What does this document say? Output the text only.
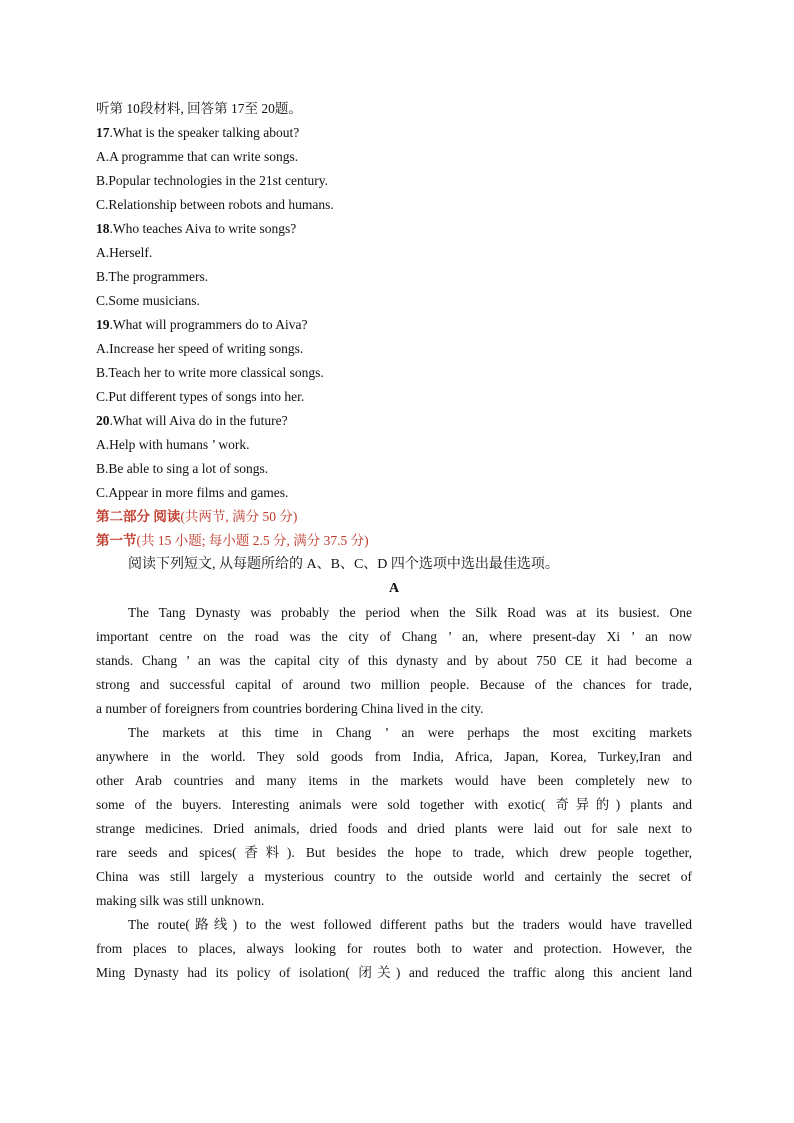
听第 10段材料, 回答第 17至 20题。
17.What is the speaker talking about?
A.A programme that can write songs.
B.Popular technologies in the 21st century.
C.Relationship between robots and humans.
18.Who teaches Aiva to write songs?
A.Herself.
B.The programmers.
C.Some musicians.
19.What will programmers do to Aiva?
A.Increase her speed of writing songs.
B.Teach her to write more classical songs.
C.Put different types of songs into her.
20.What will Aiva do in the future?
A.Help with humans ’ work.
B.Be able to sing a lot of songs.
C.Appear in more films and games.
第二部分 阅读(共两节, 满分 50 分)
第一节(共 15 小题; 每小题 2.5 分, 满分 37.5 分)
阅读下列短文, 从每题所给的 A、B、C、D 四个选项中选出最佳选项。
A
The Tang Dynasty was probably the period when the Silk Road was at its busiest. One
important centre on the road was the city of Chang ’ an, where present-day Xi ’ an now
stands. Chang ’ an was the capital city of this dynasty and by about 750 CE it had become a
strong and successful capital of around two million people. Because of the chances for trade,
a number of foreigners from countries bordering China lived in the city.
The markets at this time in Chang ’ an were perhaps the most exciting markets
anywhere in the world. They sold goods from India, Africa, Japan, Korea, Turkey,Iran and
other Arab countries and many items in the markets would have been completely new to
some of the buyers. Interesting animals were sold together with exotic( 奇异的) plants and
strange medicines. Dried animals, dried foods and dried plants were laid out for sale next to
rare seeds and spices(香料). But besides the hope to trade, which drew people together,
China was still largely a mysterious country to the outside world and certainly the secret of
making silk was still unknown.
The route(路线) to the west followed different paths but the traders would have travelled
from places to places, always looking for routes both to water and protection. However, the
Ming Dynasty had its policy of isolation( 闭关) and reduced the traffic along this ancient land
